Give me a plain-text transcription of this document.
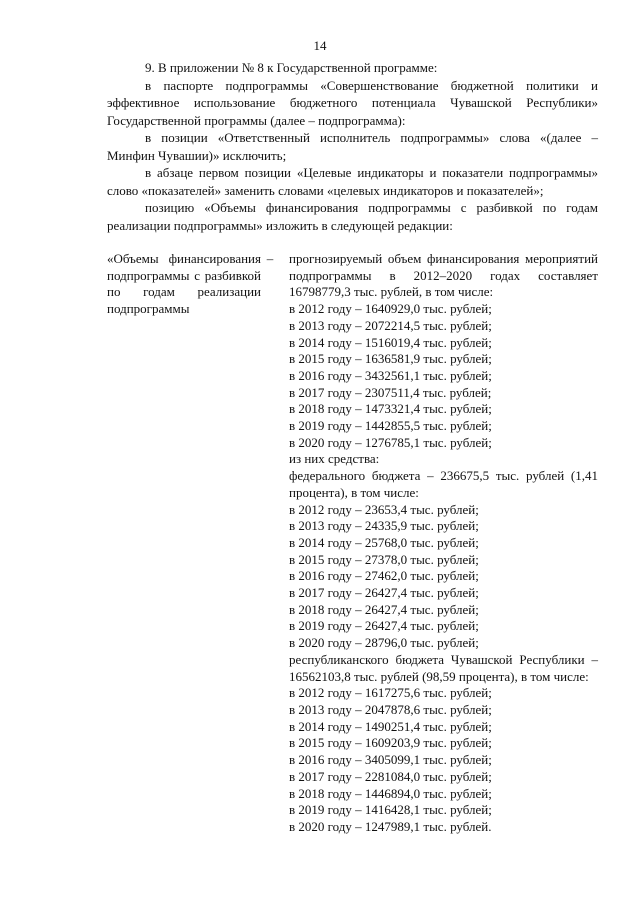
14

9. В приложении № 8 к Государственной программе:

в паспорте подпрограммы «Совершенствование бюджетной политики и эффективное использование бюджетного потенциала Чувашской Республики» Государственной программы (далее – подпрограмма):

в позиции «Ответственный исполнитель подпрограммы» слова «(далее – Минфин Чувашии)» исключить;

в абзаце первом позиции «Целевые индикаторы и показатели подпрограммы» слово «показателей» заменить словами «целевых индикаторов и показателей»;

позицию «Объемы финансирования подпрограммы с разбивкой по годам реализации подпрограммы» изложить в следующей редакции:

«Объемы финансирования подпрограммы с разбивкой по годам реализации подпрограммы
– прогнозируемый объем финансирования мероприятий подпрограммы в 2012–2020 годах составляет 16798779,3 тыс. рублей, в том числе:
в 2012 году – 1640929,0 тыс. рублей;
в 2013 году – 2072214,5 тыс. рублей;
в 2014 году – 1516019,4 тыс. рублей;
в 2015 году – 1636581,9 тыс. рублей;
в 2016 году – 3432561,1 тыс. рублей;
в 2017 году – 2307511,4 тыс. рублей;
в 2018 году – 1473321,4 тыс. рублей;
в 2019 году – 1442855,5 тыс. рублей;
в 2020 году – 1276785,1 тыс. рублей;
из них средства:
федерального бюджета – 236675,5 тыс. рублей (1,41 процента), в том числе:
в 2012 году – 23653,4 тыс. рублей;
в 2013 году – 24335,9 тыс. рублей;
в 2014 году – 25768,0 тыс. рублей;
в 2015 году – 27378,0 тыс. рублей;
в 2016 году – 27462,0 тыс. рублей;
в 2017 году – 26427,4 тыс. рублей;
в 2018 году – 26427,4 тыс. рублей;
в 2019 году – 26427,4 тыс. рублей;
в 2020 году – 28796,0 тыс. рублей;
республиканского бюджета Чувашской Республики – 16562103,8 тыс. рублей (98,59 процента), в том числе:
в 2012 году – 1617275,6 тыс. рублей;
в 2013 году – 2047878,6 тыс. рублей;
в 2014 году – 1490251,4 тыс. рублей;
в 2015 году – 1609203,9 тыс. рублей;
в 2016 году – 3405099,1 тыс. рублей;
в 2017 году – 2281084,0 тыс. рублей;
в 2018 году – 1446894,0 тыс. рублей;
в 2019 году – 1416428,1 тыс. рублей;
в 2020 году – 1247989,1 тыс. рублей.
